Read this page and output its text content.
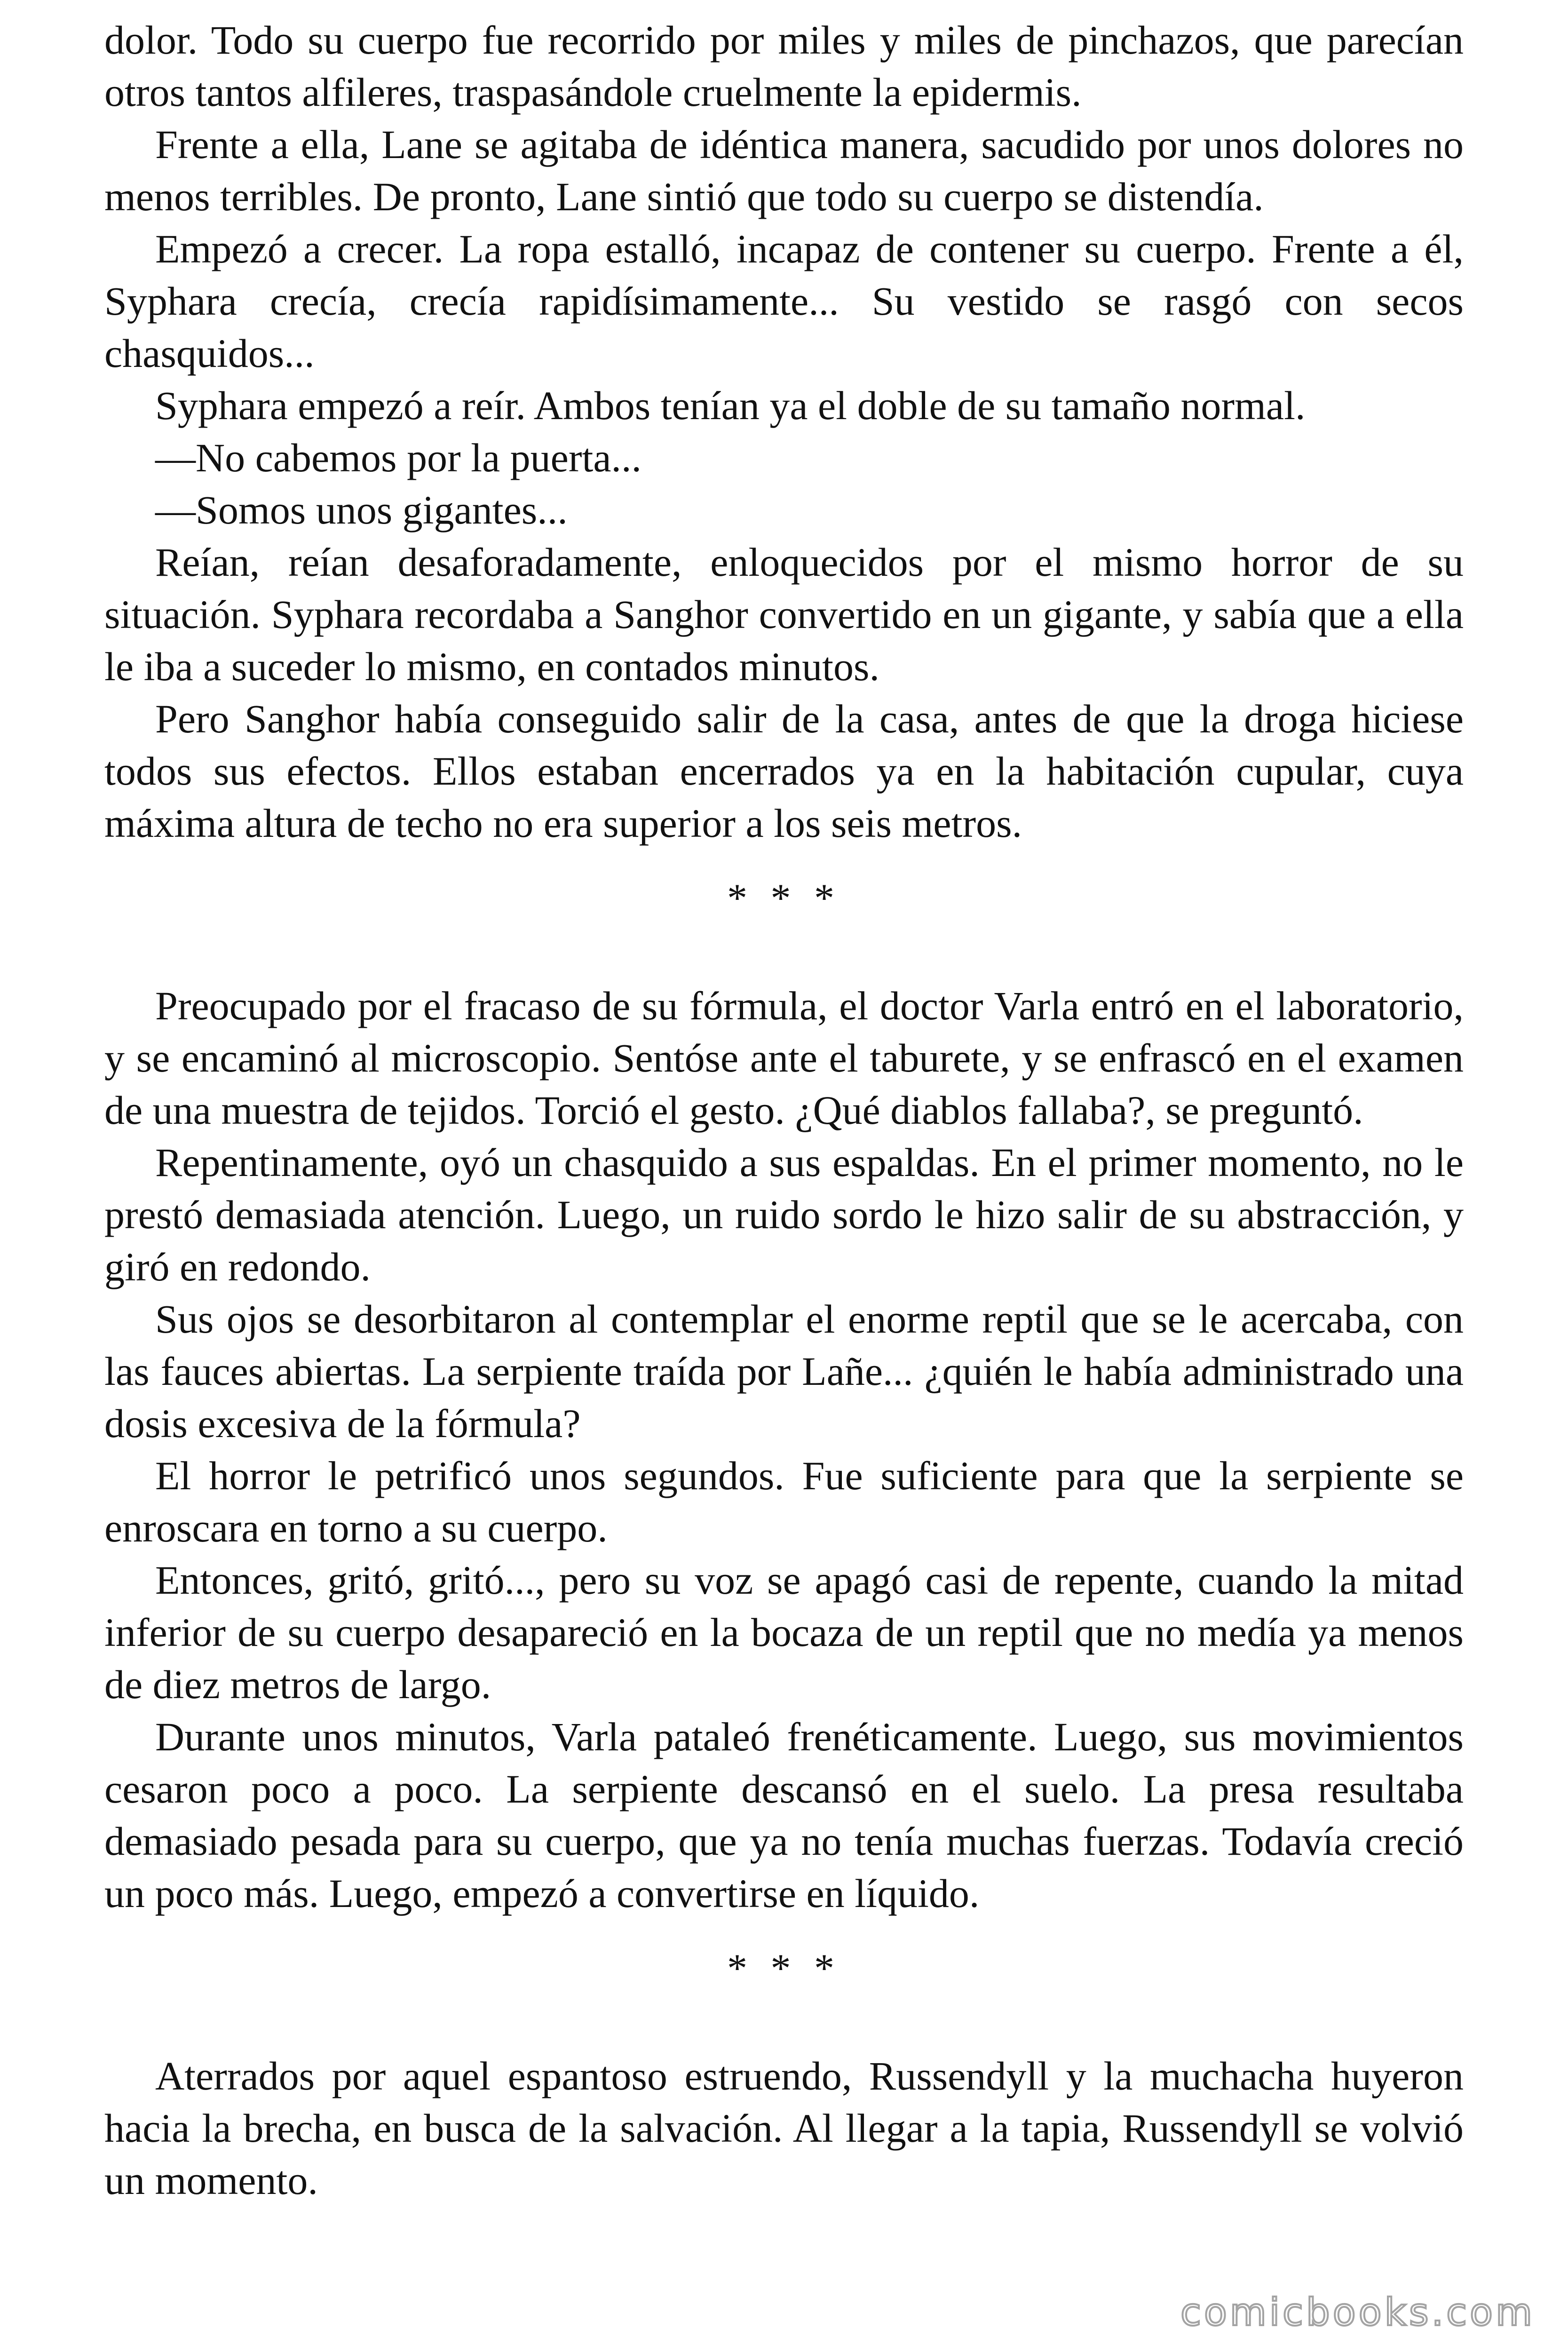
dolor. Todo su cuerpo fue recorrido por miles y miles de pinchazos, que parecían otros tantos alfileres, traspasándole cruelmente la epidermis.

Frente a ella, Lane se agitaba de idéntica manera, sacudido por unos dolores no menos terribles. De pronto, Lane sintió que todo su cuerpo se distendía.

Empezó a crecer. La ropa estalló, incapaz de contener su cuerpo. Frente a él, Syphara crecía, crecía rapidísimamente... Su vestido se rasgó con secos chasquidos...

Syphara empezó a reír. Ambos tenían ya el doble de su tamaño normal.

—No cabemos por la puerta...

—Somos unos gigantes...

Reían, reían desaforadamente, enloquecidos por el mismo horror de su situación. Syphara recordaba a Sanghor convertido en un gigante, y sabía que a ella le iba a suceder lo mismo, en contados minutos.

Pero Sanghor había conseguido salir de la casa, antes de que la droga hiciese todos sus efectos. Ellos estaban encerrados ya en la habitación cupular, cuya máxima altura de techo no era superior a los seis metros.

* * *

Preocupado por el fracaso de su fórmula, el doctor Varla entró en el laboratorio, y se encaminó al microscopio. Sentóse ante el taburete, y se enfrascó en el examen de una muestra de tejidos. Torció el gesto. ¿Qué diablos fallaba?, se preguntó.

Repentinamente, oyó un chasquido a sus espaldas. En el primer momento, no le prestó demasiada atención. Luego, un ruido sordo le hizo salir de su abstracción, y giró en redondo.

Sus ojos se desorbitaron al contemplar el enorme reptil que se le acercaba, con las fauces abiertas. La serpiente traída por Lañe... ¿quién le había administrado una dosis excesiva de la fórmula?

El horror le petrificó unos segundos. Fue suficiente para que la serpiente se enroscara en torno a su cuerpo.

Entonces, gritó, gritó..., pero su voz se apagó casi de repente, cuando la mitad inferior de su cuerpo desapareció en la bocaza de un reptil que no medía ya menos de diez metros de largo.

Durante unos minutos, Varla pataleó frenéticamente. Luego, sus movimientos cesaron poco a poco. La serpiente descansó en el suelo. La presa resultaba demasiado pesada para su cuerpo, que ya no tenía muchas fuerzas. Todavía creció un poco más. Luego, empezó a convertirse en líquido.

* * *

Aterrados por aquel espantoso estruendo, Russendyll y la muchacha huyeron hacia la brecha, en busca de la salvación. Al llegar a la tapia, Russendyll se volvió un momento.

comicbooks.com
